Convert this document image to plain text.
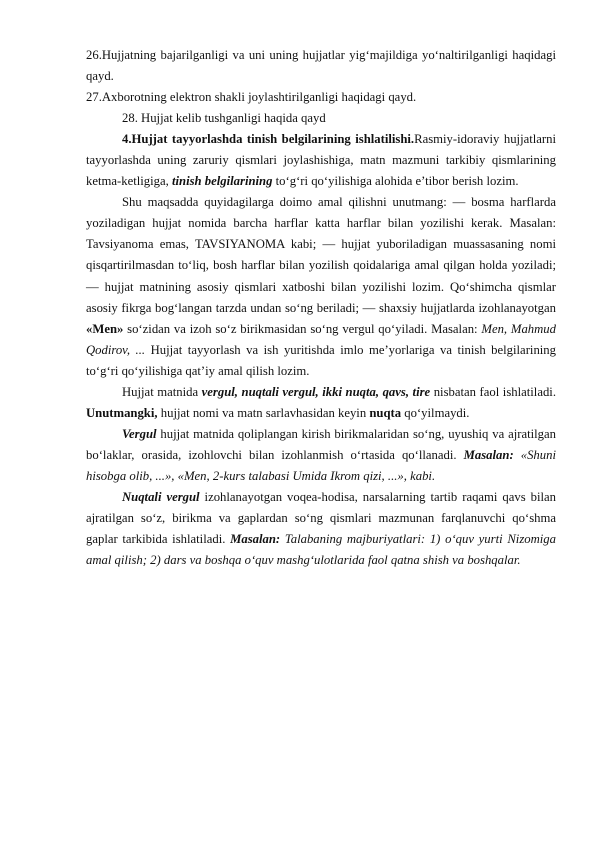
26.Hujjatning bajarilganligi va uni uning hujjatlar yig‘majildiga yo‘naltirilganligi haqidagi qayd.

27.Axborotning elektron shakli joylashtirilganligi haqidagi qayd.

28. Hujjat kelib tushganligi haqida qayd

4.Hujjat tayyorlashda tinish belgilarining ishlatilishi.Rasmiy-idoraviy hujjatlarni tayyorlashda uning zaruriy qismlari joylashishiga, matn mazmuni tarkibiy qismlarining ketma-ketligiga, tinish belgilarining to‘g‘ri qo‘yilishiga alohida e’tibor berish lozim.

Shu maqsadda quyidagilarga doimo amal qilishni unutmang: — bosma harflarda yoziladigan hujjat nomida barcha harflar katta harflar bilan yozilishi kerak. Masalan: Tavsiyanoma emas, TAVSIYANOMA kabi; — hujjat yuboriladigan muassasaning nomi qisqartirilmasdan to‘liq, bosh harflar bilan yozilish qoidalariga amal qilgan holda yoziladi; — hujjat matnining asosiy qismlari xatboshi bilan yozilishi lozim. Qo‘shimcha qismlar asosiy fikrga bog‘langan tarzda undan so‘ng beriladi; — shaxsiy hujjatlarda izohlanayotgan «Men» so‘zidan va izoh so‘z birikmasidan so‘ng vergul qo‘yiladi. Masalan: Men, Mahmud Qodirov, ... Hujjat tayyorlash va ish yuritishda imlo me’yorlariga va tinish belgilarining to‘g‘ri qo‘yilishiga qat’iy amal qilish lozim.

Hujjat matnida vergul, nuqtali vergul, ikki nuqta, qavs, tire nisbatan faol ishlatiladi. Unutmangki, hujjat nomi va matn sarlavhasidan keyin nuqta qo‘yilmaydi.

Vergul hujjat matnida qoliplangan kirish birikmalaridan so‘ng, uyushiq va ajratilgan bo‘laklar, orasida, izohlovchi bilan izohlanmish o‘rtasida qo‘llanadi. Masalan: «Shuni hisobga olib, ...», «Men, 2-kurs talabasi Umida Ikrom qizi, ...», kabi.

Nuqtali vergul izohlanayotgan voqea-hodisa, narsalarning tartib raqami qavs bilan ajratilgan so‘z, birikma va gaplardan so‘ng qismlari mazmunan farqlanuvchi qo‘shma gaplar tarkibida ishlatiladi. Masalan: Talabaning majburiyatlari: 1) o‘quv yurti Nizomiga amal qilish; 2) dars va boshqa o‘quv mashg‘ulotlarida faol qatna shish va boshqalar.
